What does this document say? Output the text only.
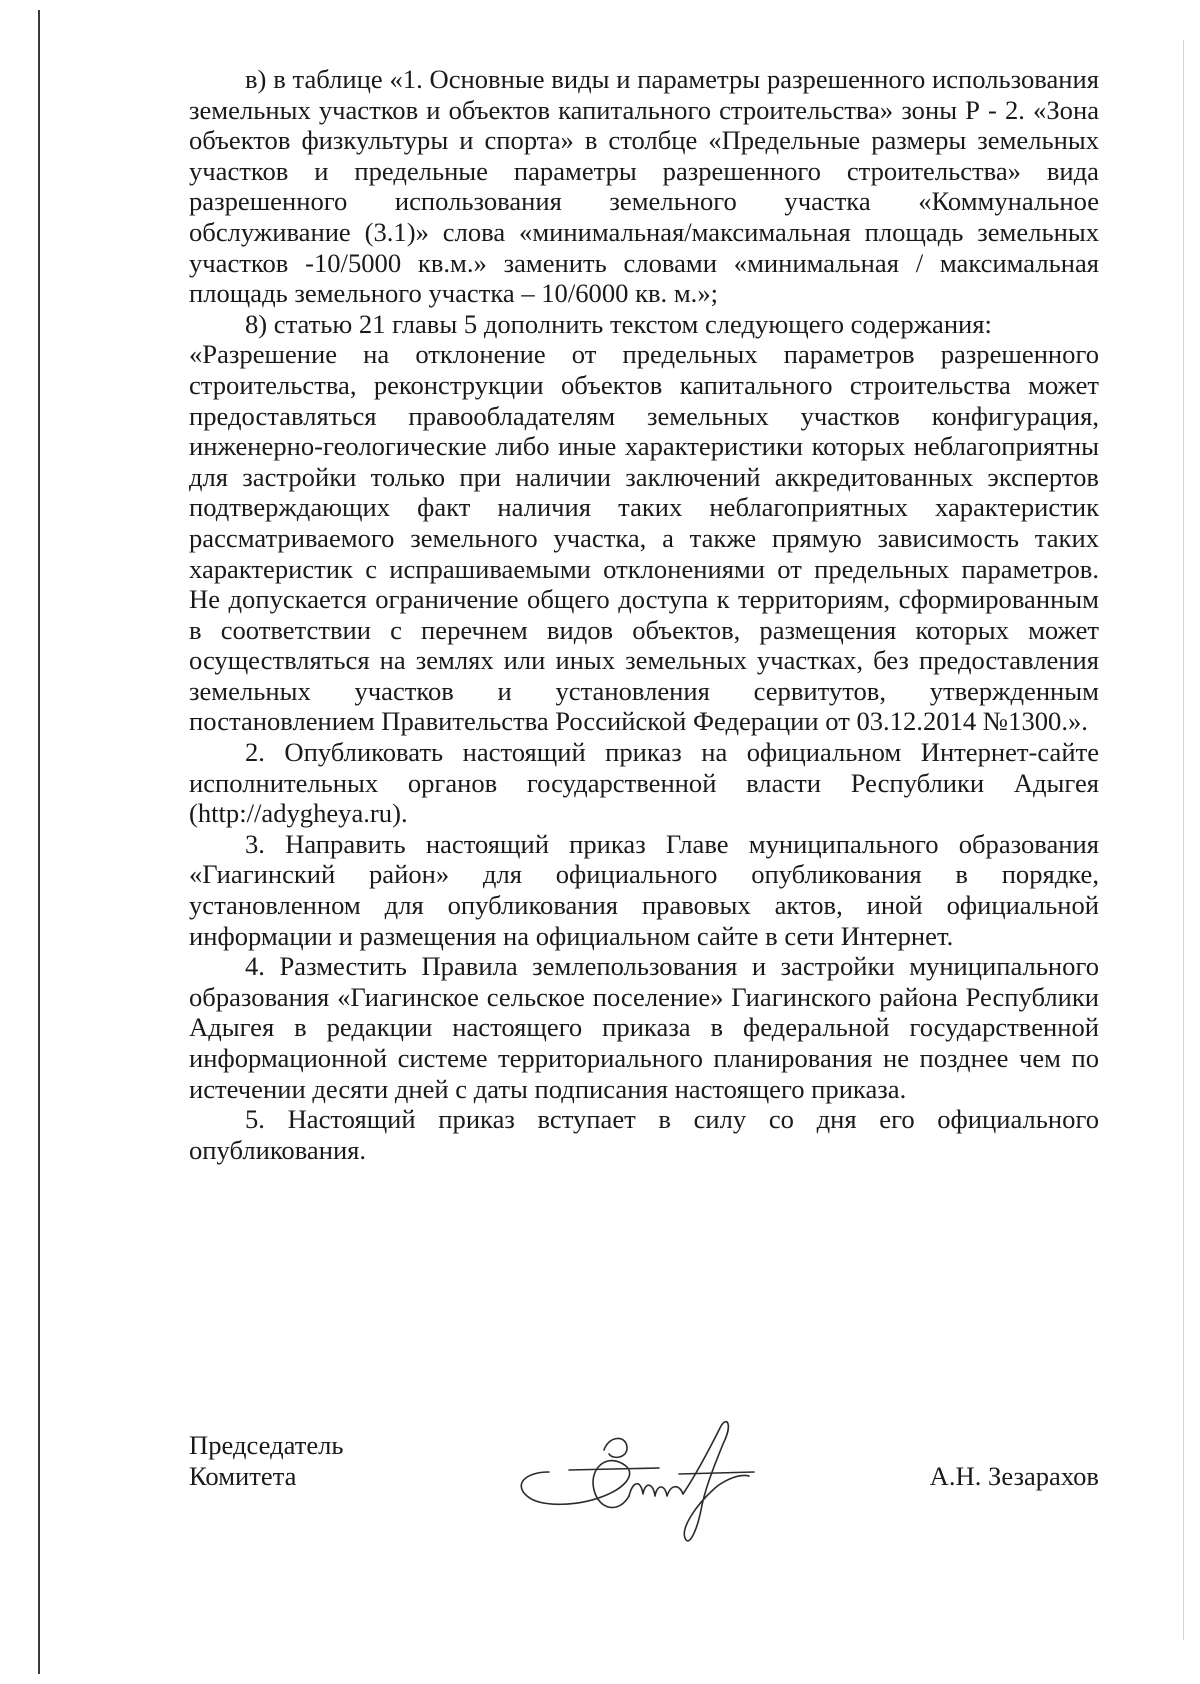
в) в таблице «1. Основные виды и параметры разрешенного использования земельных участков и объектов капитального строительства» зоны Р - 2. «Зона объектов физкультуры и спорта» в столбце «Предельные размеры земельных участков и предельные параметры разрешенного строительства» вида разрешенного использования земельного участка «Коммунальное обслуживание (3.1)» слова «минимальная/максимальная площадь земельных участков -10/5000 кв.м.» заменить словами «минимальная / максимальная площадь земельного участка – 10/6000 кв. м.»;

8) статью 21 главы 5 дополнить текстом следующего содержания:

«Разрешение на отклонение от предельных параметров разрешенного строительства, реконструкции объектов капитального строительства может предоставляться правообладателям земельных участков конфигурация, инженерно-геологические либо иные характеристики которых неблагоприятны для застройки только при наличии заключений аккредитованных экспертов подтверждающих факт наличия таких неблагоприятных характеристик рассматриваемого земельного участка, а также прямую зависимость таких характеристик с испрашиваемыми отклонениями от предельных параметров. Не допускается ограничение общего доступа к территориям, сформированным в соответствии с перечнем видов объектов, размещения которых может осуществляться на землях или иных земельных участках, без предоставления земельных участков и установления сервитутов, утвержденным постановлением Правительства Российской Федерации от 03.12.2014 №1300.».

2. Опубликовать настоящий приказ на официальном Интернет-сайте исполнительных органов государственной власти Республики Адыгея (http://adygheya.ru).

3. Направить настоящий приказ Главе муниципального образования «Гиагинский район» для официального опубликования в порядке, установленном для опубликования правовых актов, иной официальной информации и размещения на официальном сайте в сети Интернет.

4. Разместить Правила землепользования и застройки муниципального образования «Гиагинское сельское поселение» Гиагинского района Республики Адыгея в редакции настоящего приказа в федеральной государственной информационной системе территориального планирования не позднее чем по истечении десяти дней с даты подписания настоящего приказа.

5. Настоящий приказ вступает в силу со дня его официального опубликования.

Председатель
Комитета	А.Н. Зезарахов
